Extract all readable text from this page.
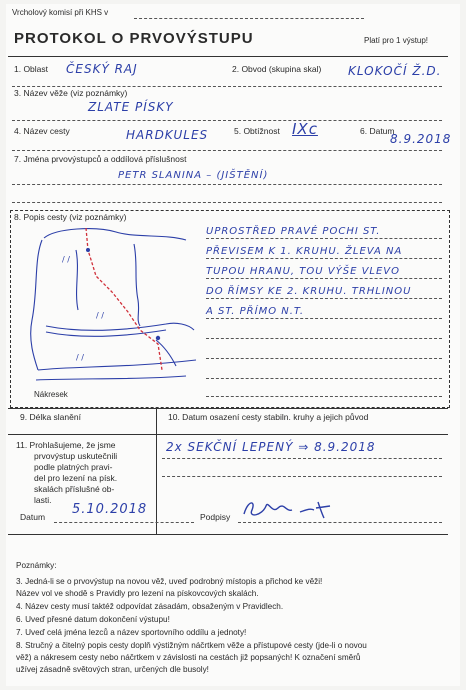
Vrcholový komisí při KHS v
PROTOKOL O PRVOVÝSTUPU	Platí pro 1 výstup!
1. Oblast ČESKÝ RAJ	2. Obvod (skupina skal) KLOKOČÍ Ž.D.
3. Název věže (viz poznámky)
ZLATE PÍSKY
4. Název cesty	HARDKULES	5. Obtížnost IXc	6. Datum
8.9.2018
7. Jména prvovýstupců a oddílová příslušnost
PETR SLANINA – (JIŠTĚNÍ)
8. Popis cesty (viz poznámky)
/ /
/ /
/ /
Nákresek
UPROSTŘED PRAVÉ POCHI ST.
PŘEVISEM K 1. KRUHU. ŽLEVA NA
TUPOU HRANU, TOU VÝŠE VLEVO
DO ŘÍMSY KE 2. KRUHU. TRHLINOU
A ST. PŘÍMO N.T.
9. Délka slanění	10. Datum osazení cesty stabiln. kruhy a jejich původ
11. Prohlašujeme, že jsme
prvovýstup uskutečnili
podle platných pravi-
del pro lezení na písk.
skalách příslušné ob-
lasti.
2x SEKČNÍ LEPENÝ ⇒ 8.9.2018
Datum 5.10.2018	Podpisy
Poznámky:
3. Jedná-li se o prvovýstup na novou věž, uveď podrobný místopis a přichod ke věži!
Název vol ve shodě s Pravidly pro lezení na pískovcových skalách.
4. Název cesty musí taktéž odpovídat zásadám, obsaženým v Pravidlech.
6. Uveď přesné datum dokončení výstupu!
7. Uveď celá jména lezců a název sportovního oddílu a jednoty!
8. Stručný a čitelný popis cesty doplň výstižným náčrtkem věže a přístupové cesty (jde-li o novou
věž) a nákresem cesty nebo náčrtkem v závislosti na cestách již popsaných! K označení směrů
užívej zásadně světových stran, určených dle busoly!
